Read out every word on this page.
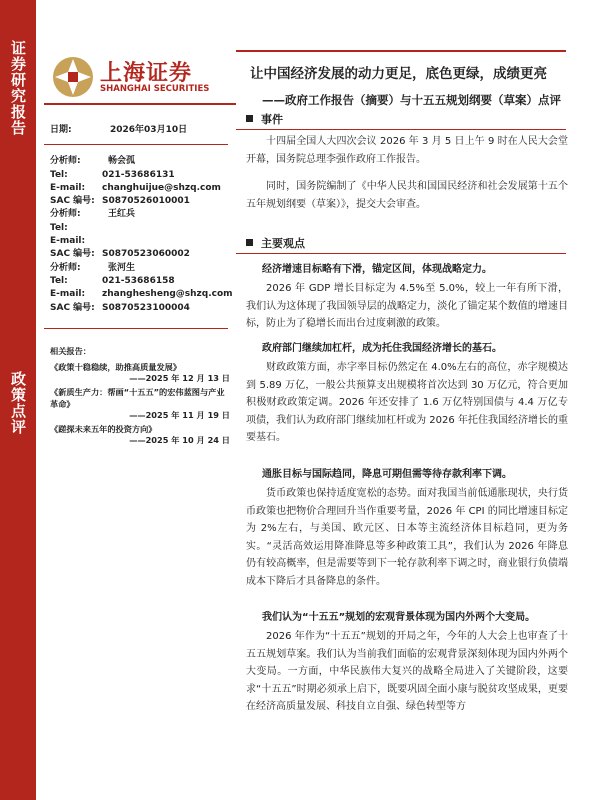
证券研究报告
政策点评
上海证券
SHANGHAI SECURITIES
让中国经济发展的动力更足，底色更绿，成绩更亮
——政府工作报告（摘要）与十五五规划纲要（草案）点评
日期:	2026年03月10日
分析师:	畅会孤
Tel:	021-53686131
E-mail: changhuijue@shzq.com
SAC 编号: S0870526010001
分析师:	王红兵
Tel:
E-mail:
SAC 编号: S0870523060002
分析师:	张河生
Tel:	021-53686158
E-mail: zhanghesheng@shzq.com
SAC 编号: S0870523100004
相关报告：
《政策十稳稳续，助推高质量发展》
——2025 年 12 月 13 日
《新质生产力：帮画“十五五”的宏伟蓝图与产业革命》
——2025 年 11 月 19 日
《蹉探未来五年的投资方向》
——2025 年 10 月 24 日
事件

十四届全国人大四次会议 2026 年 3 月 5 日上午 9 时在人民大会堂开幕，国务院总理李强作政府工作报告。

同时，国务院编制了《中华人民共和国国民经济和社会发展第十五个五年规划纲要（草案）》，提交大会审查。

主要观点
经济增速目标略有下滑，锚定区间，体现战略定力。

2026 年 GDP 增长目标定为 4.5%至 5.0%，较上一年有所下滑，我们认为这体现了我国领导层的战略定力，淡化了锚定某个数值的增速目标，防止为了稳增长而出台过度刺激的政策。

政府部门继续加杠杆，成为托住我国经济增长的基石。

财政政策方面，赤字率目标仍然定在 4.0%左右的高位，赤字规模达到 5.89 万亿，一般公共预算支出规模将首次达到 30 万亿元，符合更加积极财政政策定调。2026 年还安排了 1.6 万亿特别国债与 4.4 万亿专项债，我们认为政府部门继续加杠杆或为 2026 年托住我国经济增长的重要基石。

通胀目标与国际趋同，降息可期但需等待存款利率下调。

货币政策也保持适度宽松的态势。面对我国当前低通胀现状，央行货币政策也把物价合理回升当作重要考量，2026 年 CPI 的同比增速目标定为 2%左右，与美国、欧元区、日本等主流经济体目标趋同，更为务实。“灵活高效运用降准降息等多种政策工具”，我们认为 2026 年降息仍有较高概率，但是需要等到下一轮存款利率下调之时，商业银行负债端成本下降后才具备降息的条件。

我们认为“十五五”规划的宏观背景体现为国内外两个大变局。

2026 年作为“十五五”规划的开局之年，今年的人大会上也审查了十五五规划草案。我们认为当前我们面临的宏观背景深刻体现为国内外两个大变局。一方面，中华民族伟大复兴的战略全局进入了关键阶段，这要求“十五五”时期必须承上启下，既要巩固全面小康与脱贫攻坚成果，更要在经济高质量发展、科技自立自强、绿色转型等方
